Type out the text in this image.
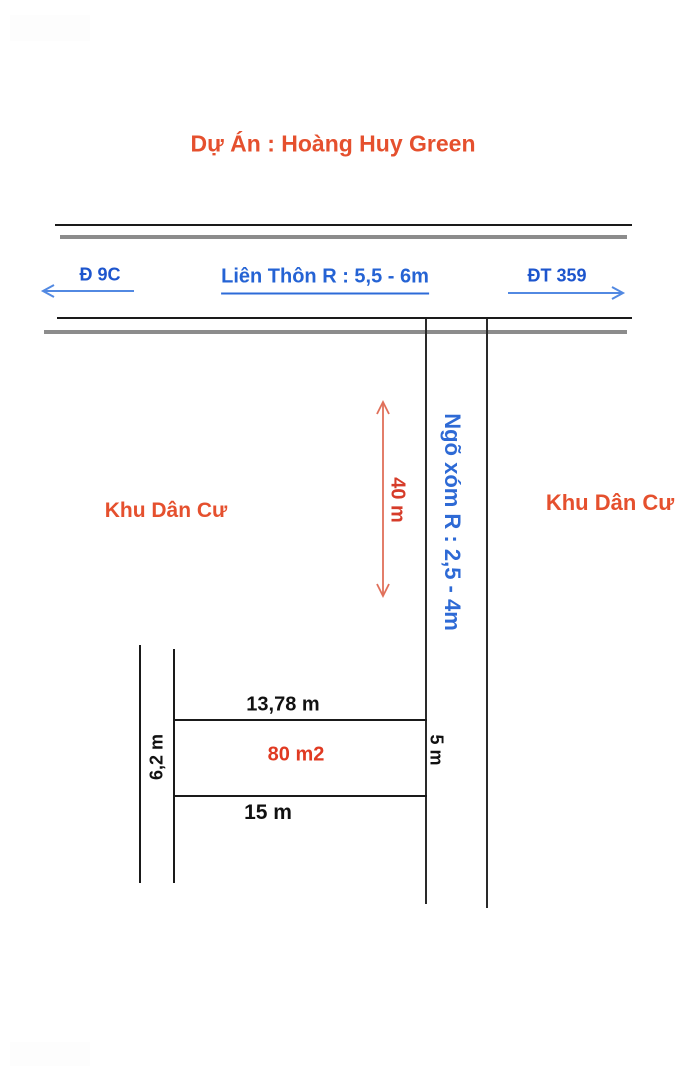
Dự Án : Hoàng Huy Green
Đ 9C	Liên Thôn R : 5,5 - 6m	ĐT 359
Ngõ xóm R : 2,5 - 4m
40 m
Khu Dân Cư	Khu Dân Cư
13,78 m
6,2 m	80 m2
15 m
5 m
